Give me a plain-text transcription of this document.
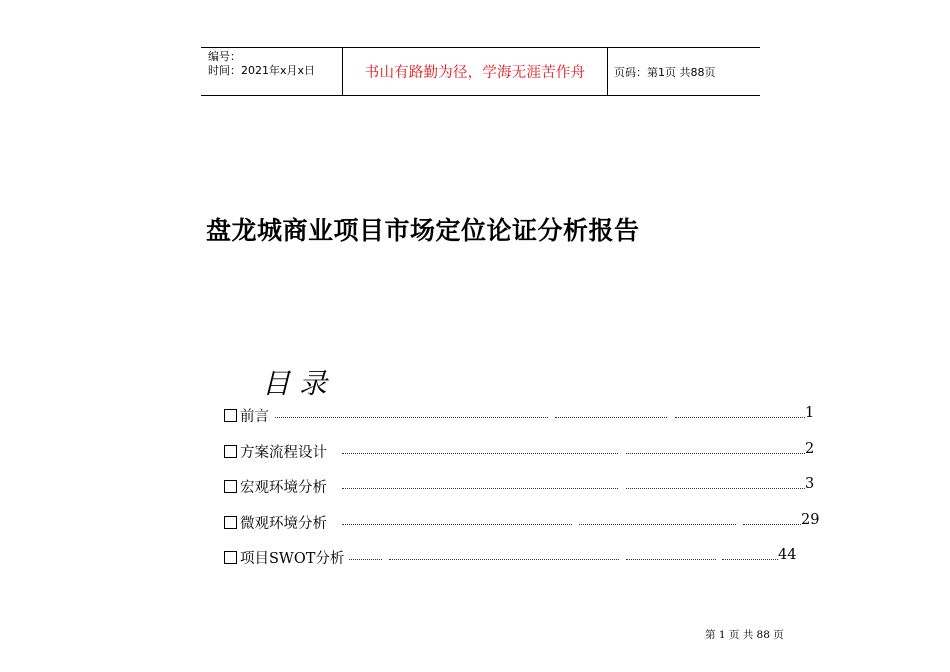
编号：
时间：2021年x月x日	书山有路勤为径，学海无涯苦作舟	页码：第1页 共88页
盘龙城商业项目市场定位论证分析报告
目 录
前言	1
方案流程设计	2
宏观环境分析	3
微观环境分析	29
项目SWOT分析	44
第 1 页 共 88 页
